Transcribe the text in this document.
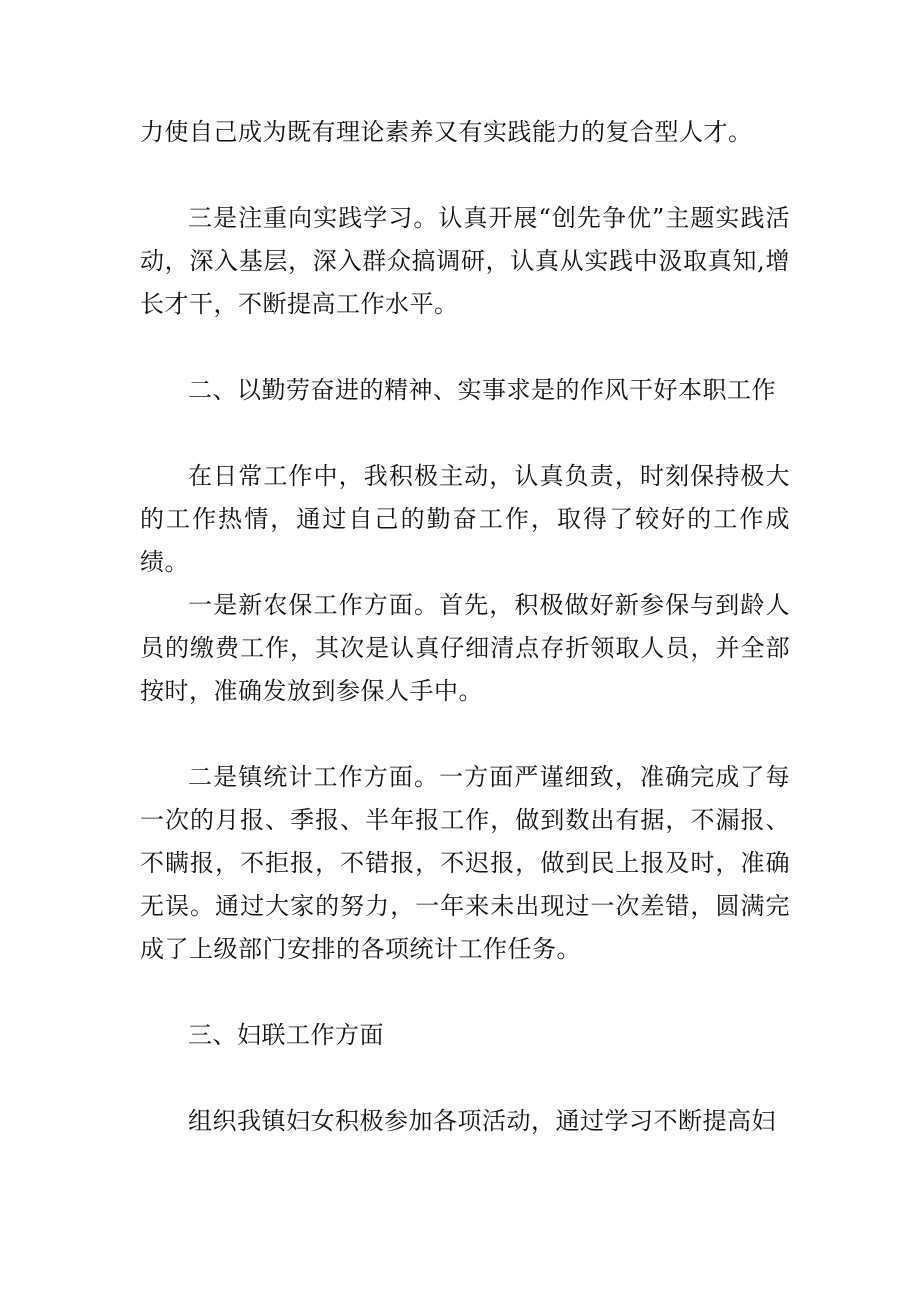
力使自己成为既有理论素养又有实践能力的复合型人才。

三是注重向实践学习。认真开展“创先争优”主题实践活动，深入基层，深入群众搞调研，认真从实践中汲取真知,增长才干，不断提高工作水平。

二、以勤劳奋进的精神、实事求是的作风干好本职工作

在日常工作中，我积极主动，认真负责，时刻保持极大的工作热情，通过自己的勤奋工作，取得了较好的工作成绩。

一是新农保工作方面。首先，积极做好新参保与到龄人员的缴费工作，其次是认真仔细清点存折领取人员，并全部按时，准确发放到参保人手中。

二是镇统计工作方面。一方面严谨细致，准确完成了每一次的月报、季报、半年报工作，做到数出有据，不漏报、不瞒报，不拒报，不错报，不迟报，做到民上报及时，准确无误。通过大家的努力，一年来未出现过一次差错，圆满完成了上级部门安排的各项统计工作任务。

三、妇联工作方面

组织我镇妇女积极参加各项活动，通过学习不断提高妇
